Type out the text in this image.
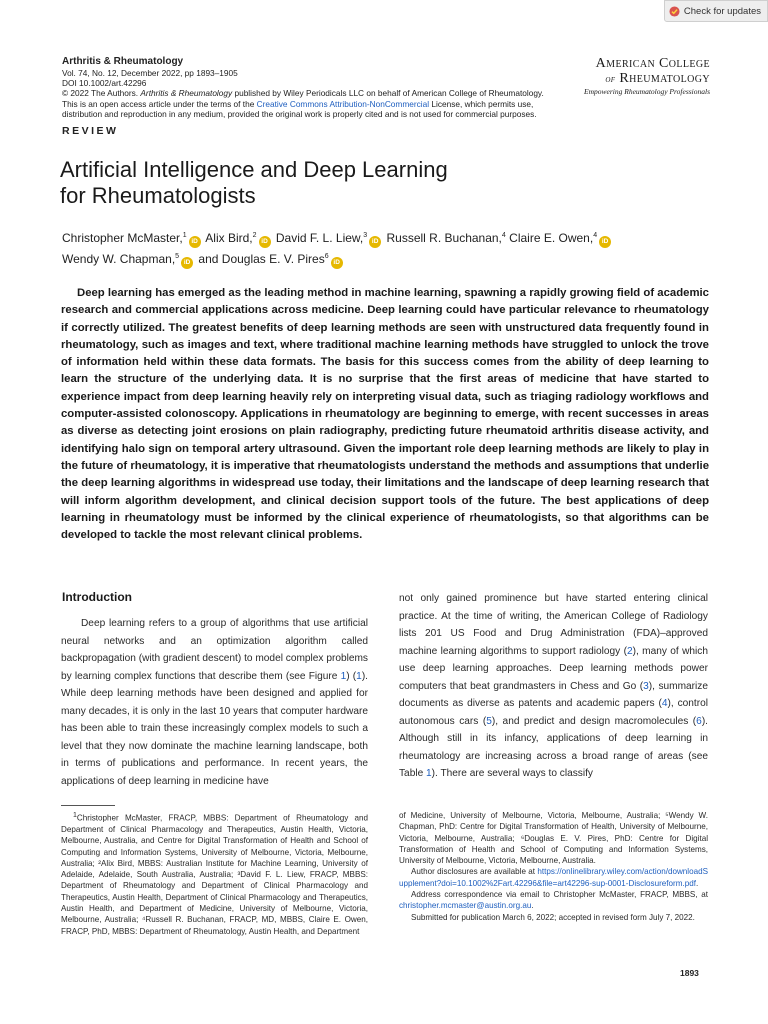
Check for updates
Arthritis & Rheumatology
Vol. 74, No. 12, December 2022, pp 1893–1905
DOI 10.1002/art.42296
© 2022 The Authors. Arthritis & Rheumatology published by Wiley Periodicals LLC on behalf of American College of Rheumatology.
This is an open access article under the terms of the Creative Commons Attribution-NonCommercial License, which permits use,
distribution and reproduction in any medium, provided the original work is properly cited and is not used for commercial purposes.
American College
of Rheumatology
Empowering Rheumatology Professionals
REVIEW
Artificial Intelligence and Deep Learning
for Rheumatologists
Christopher McMaster,$^1$iD Alix Bird,$^2$iD David F. L. Liew,$^3$iD Russell R. Buchanan,$^4$ Claire E. Owen,$^4$iD
Wendy W. Chapman,$^5$iD and Douglas E. V. Pires$^6$iD

Deep learning has emerged as the leading method in machine learning, spawning a rapidly growing field of academic research and commercial applications across medicine. Deep learning could have particular relevance to rheumatology if correctly utilized. The greatest benefits of deep learning methods are seen with unstructured data frequently found in rheumatology, such as images and text, where traditional machine learning methods have struggled to unlock the trove of information held within these data formats. The basis for this success comes from the ability of deep learning to learn the structure of the underlying data. It is no surprise that the first areas of medicine that have started to experience impact from deep learning heavily rely on interpreting visual data, such as triaging radiology workflows and computer-assisted colonoscopy. Applications in rheumatology are beginning to emerge, with recent successes in areas as diverse as detecting joint erosions on plain radiography, predicting future rheumatoid arthritis disease activity, and identifying halo sign on temporal artery ultrasound. Given the important role deep learning methods are likely to play in the future of rheumatology, it is imperative that rheumatologists understand the methods and assumptions that underlie the deep learning algorithms in widespread use today, their limitations and the landscape of deep learning research that will inform algorithm development, and clinical decision support tools of the future. The best applications of deep learning in rheumatology must be informed by the clinical experience of rheumatologists, so that algorithms can be developed to tackle the most relevant clinical problems.

Introduction

Deep learning refers to a group of algorithms that use artificial neural networks and an optimization algorithm called backpropagation (with gradient descent) to model complex problems by learning complex functions that describe them (see Figure 1) (1). While deep learning methods have been designed and applied for many decades, it is only in the last 10 years that computer hardware has been able to train these increasingly complex models to such a level that they now dominate the machine learning landscape, both in terms of publications and performance. In recent years, the applications of deep learning in medicine have

not only gained prominence but have started entering clinical practice. At the time of writing, the American College of Radiology lists 201 US Food and Drug Administration (FDA)–approved machine learning algorithms to support radiology (2), many of which use deep learning approaches. Deep learning methods power computers that beat grandmasters in Chess and Go (3), summarize documents as diverse as patents and academic papers (4), control autonomous cars (5), and predict and design macromolecules (6). Although still in its infancy, applications of deep learning in rheumatology are increasing across a broad range of areas (see Table 1). There are several ways to classify

$^1$Christopher McMaster, FRACP, MBBS: Department of Rheumatology and Department of Clinical Pharmacology and Therapeutics, Austin Health, Victoria, Melbourne, Australia, and Centre for Digital Transformation of Health and School of Computing and Information Systems, University of Melbourne, Victoria, Melbourne, Australia; ²Alix Bird, MBBS: Australian Institute for Machine Learning, University of Adelaide, Adelaide, South Australia, Australia; ³David F. L. Liew, FRACP, MBBS: Department of Rheumatology and Department of Clinical Pharmacology and Therapeutics, Austin Health, Department of Clinical Pharmacology and Therapeutics, Austin Health, and Department of Medicine, University of Melbourne, Victoria, Melbourne, Australia; ⁴Russell R. Buchanan, FRACP, MD, MBBS, Claire E. Owen, FRACP, PhD, MBBS: Department of Rheumatology, Austin Health, and Department

of Medicine, University of Melbourne, Victoria, Melbourne, Australia; ⁵Wendy W. Chapman, PhD: Centre for Digital Transformation of Health, University of Melbourne, Victoria, Melbourne, Australia; ⁶Douglas E. V. Pires, PhD: Centre for Digital Transformation of Health and School of Computing and Information Systems, University of Melbourne, Victoria, Melbourne, Australia.

Author disclosures are available at https://onlinelibrary.wiley.com/action/downloadSupplement?doi=10.1002%2Fart.42296&file=art42296-sup-0001-Disclosureform.pdf.

Address correspondence via email to Christopher McMaster, FRACP, MBBS, at christopher.mcmaster@austin.org.au.

Submitted for publication March 6, 2022; accepted in revised form July 7, 2022.

1893
